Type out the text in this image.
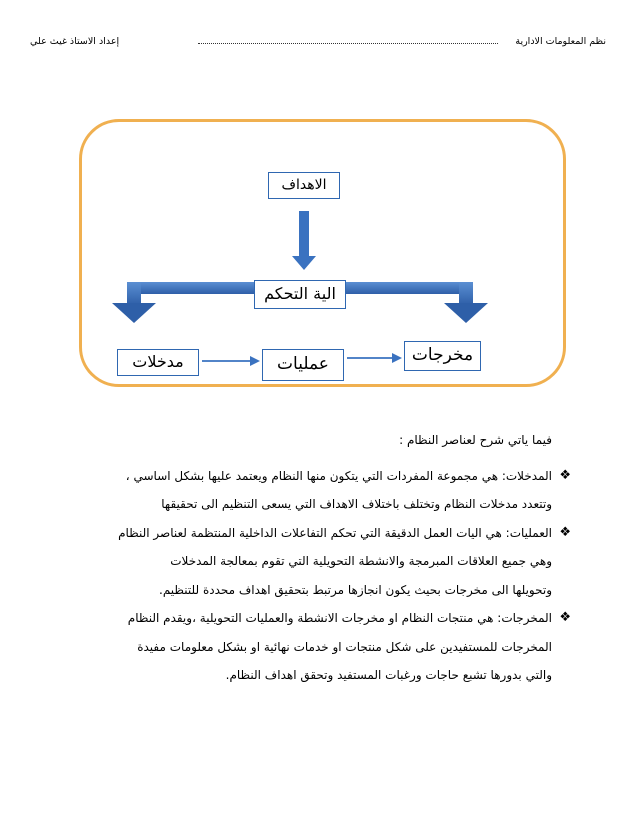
نظم المعلومات الادارية
إعداد الاستاذ غيث علي
الاهداف
الية التحكم
مدخلات	عمليات	مخرجات

فيما ياتي شرح لعناصر النظام :

❖

المدخلات: هي مجموعة المفردات التي يتكون منها النظام ويعتمد عليها بشكل اساسي ،

وتتعدد مدخلات النظام وتختلف باختلاف الاهداف التي يسعى التنظيم الى تحقيقها

❖

العمليات: هي اليات العمل الدقيقة التي تحكم التفاعلات الداخلية المنتظمة لعناصر النظام

وهي جميع العلاقات المبرمجة والانشطة التحويلية التي تقوم بمعالجة المدخلات

وتحويلها الى مخرجات بحيث يكون انجازها مرتبط بتحقيق اهداف محددة للتنظيم.

❖

المخرجات: هي منتجات النظام او مخرجات الانشطة والعمليات التحويلية ،ويقدم النظام

المخرجات للمستفيدين على شكل منتجات او خدمات نهائية او بشكل معلومات مفيدة

والتي بدورها تشبع حاجات ورغبات المستفيد وتحقق اهداف النظام.
